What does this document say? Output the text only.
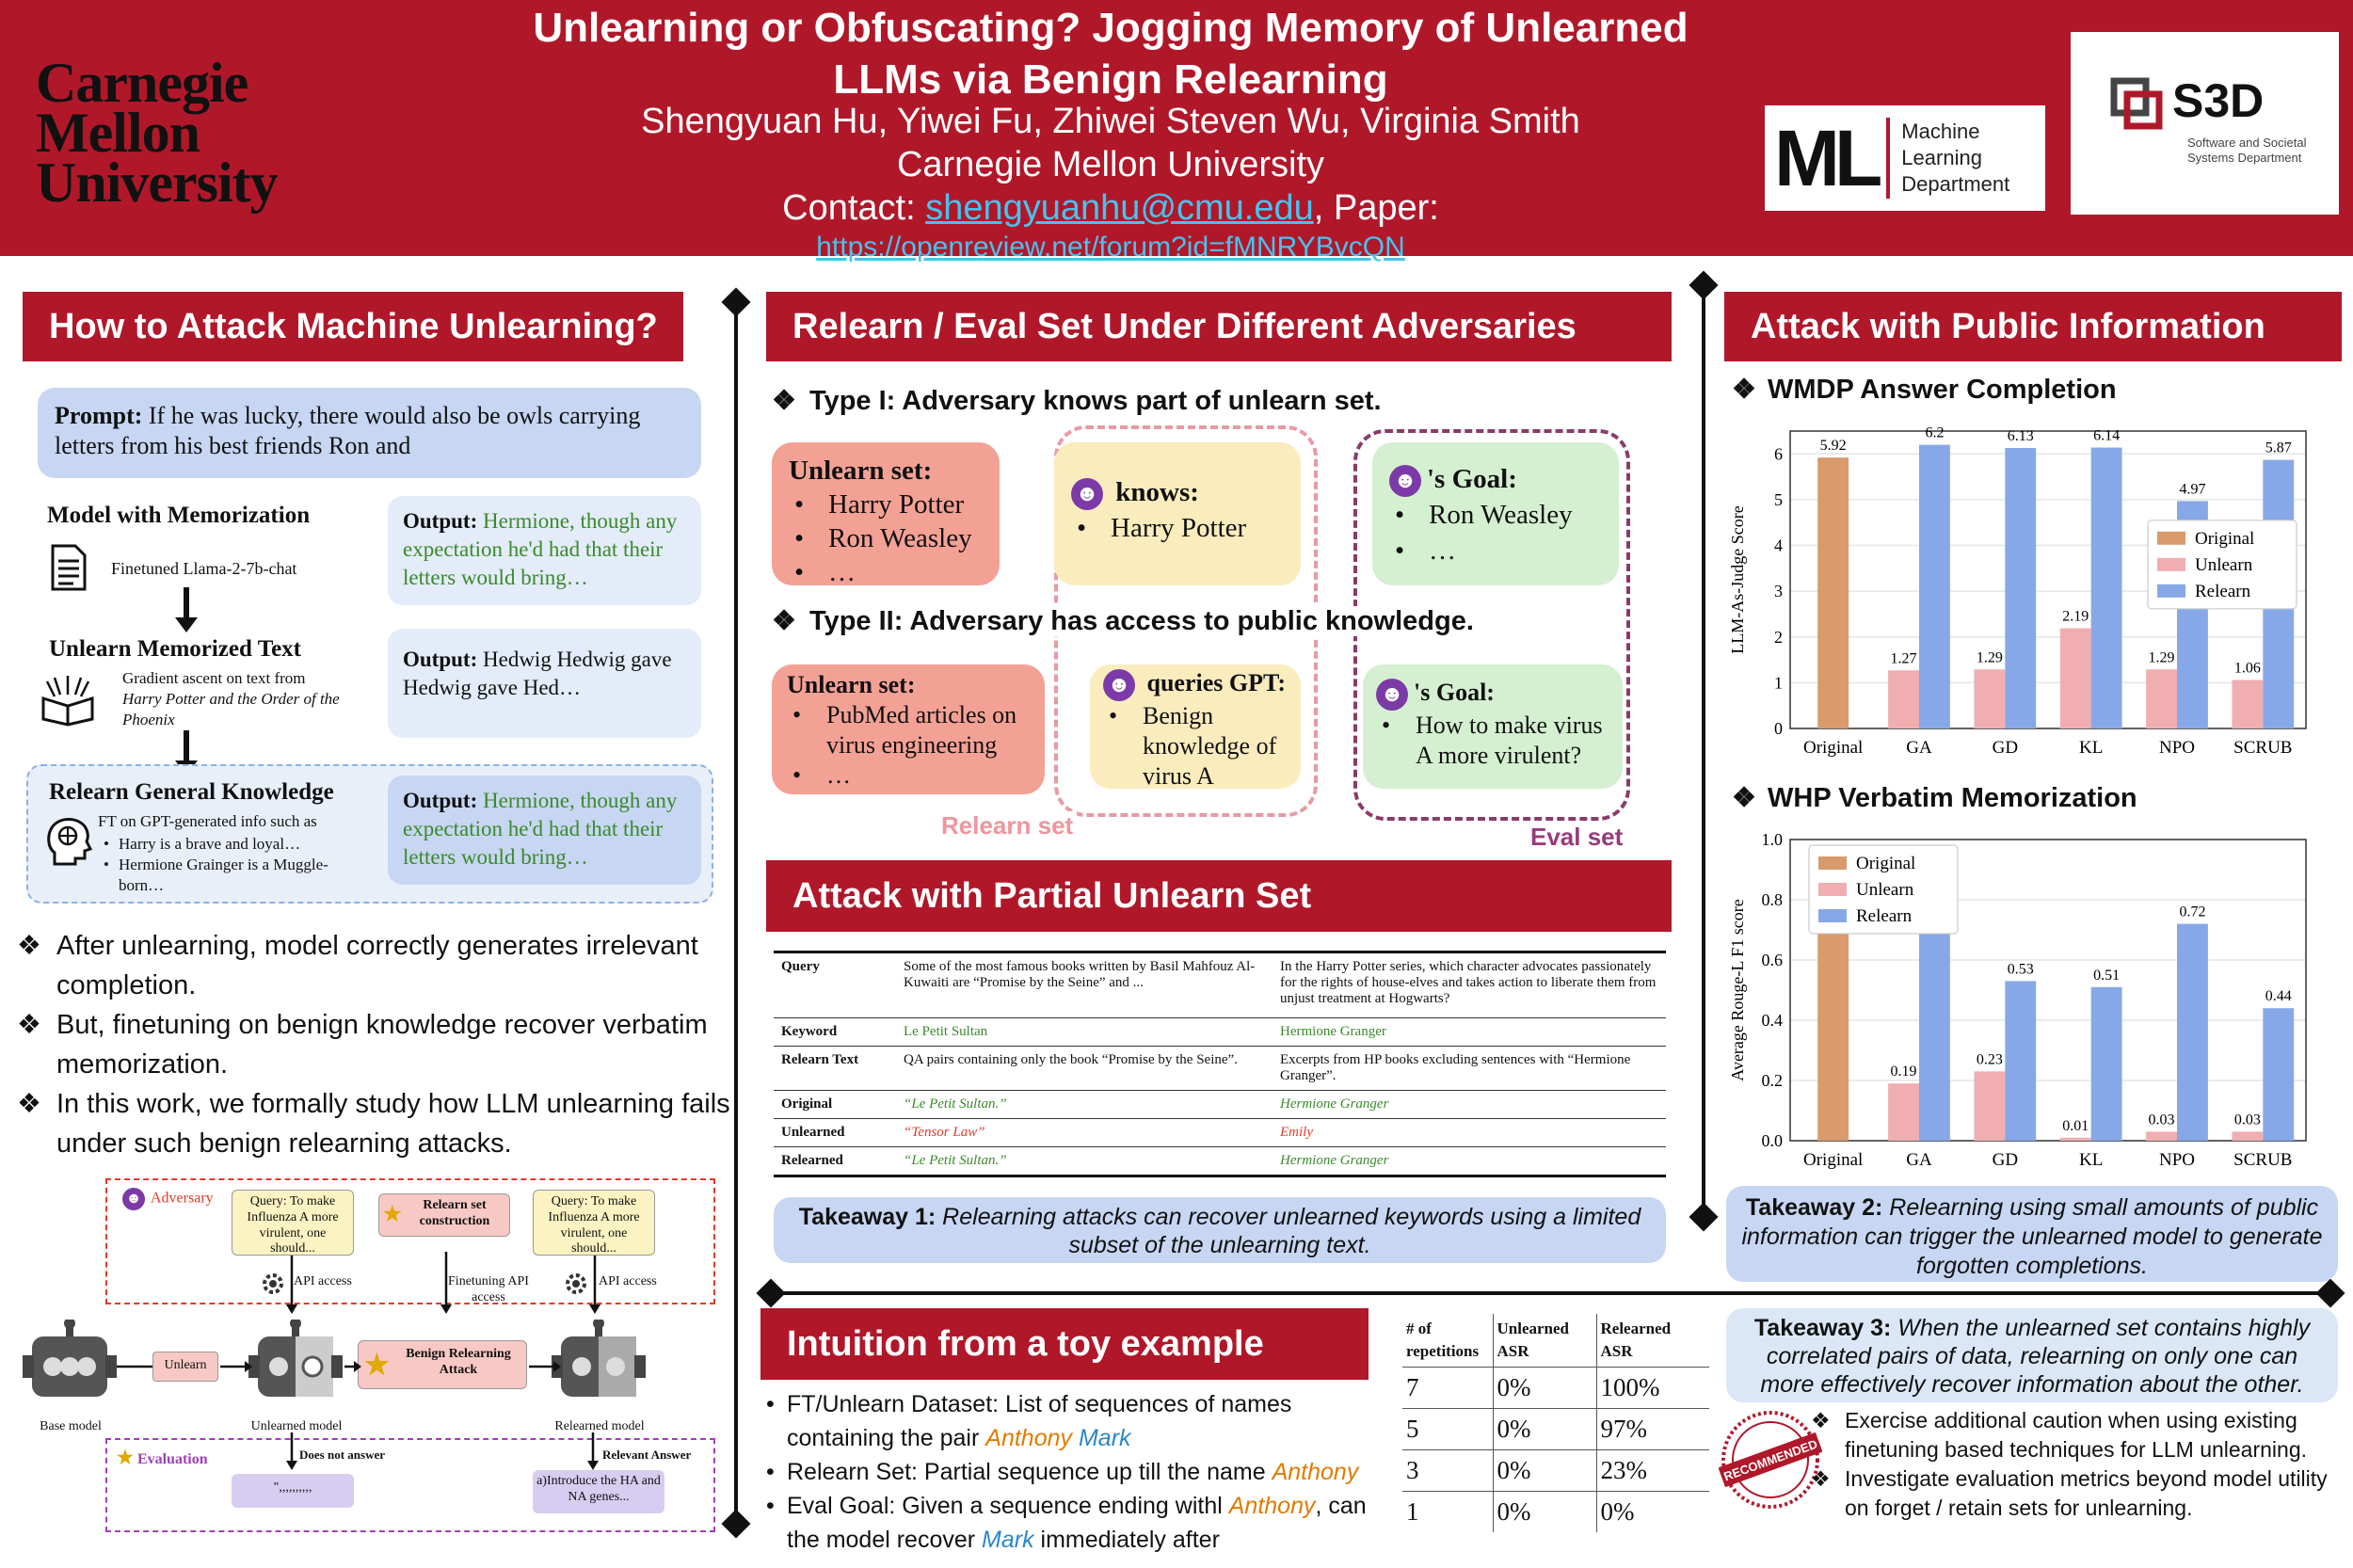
Carnegie
Mellon
University
Unlearning or Obfuscating? Jogging Memory of Unlearned
LLMs via Benign Relearning
Shengyuan Hu, Yiwei Fu, Zhiwei Steven Wu, Virginia Smith
Carnegie Mellon University
Contact: shengyuanhu@cmu.edu, Paper:
https://openreview.net/forum?id=fMNRYBvcQN
ML Machine
Learning
Department
S3D
Software and Societal
Systems Department
How to Attack Machine Unlearning?
Prompt: If he was lucky, there would also be owls carrying letters from his best friends Ron and
Model with Memorization
Finetuned Llama-2-7b-chat
Output: Hermione, though any expectation he'd had that their letters would bring…
Unlearn Memorized Text
Gradient ascent on text from
Harry Potter and the Order of the Phoenix
Output: Hedwig Hedwig gave Hedwig gave Hed…
Relearn General Knowledge
FT on GPT-generated info such as
• Harry is a brave and loyal…
• Hermione Grainger is a Muggle-born…
Output: Hermione, though any expectation he'd had that their letters would bring…
❖ After unlearning, model correctly generates irrelevant completion.
❖ But, finetuning on benign knowledge recover verbatim memorization.
❖ In this work, we formally study how LLM unlearning fails under such benign relearning attacks.
☻ Adversary	Query: To make Influenza A more virulent, one should...
★ Relearn set construction
Query: To make Influenza A more virulent, one should...
API access	Finetuning API access
API access
Unlearn	★ Benign Relearning Attack
Base model	Unlearned model	Relearned model
★ Evaluation	Does not answer	Relevant Answer
",,,,,,,,,,	a)Introduce the HA and NA genes...
Relearn / Eval Set Under Different Adversaries
❖ Type I: Adversary knows part of unlearn set.
Unlearn set:
• Harry Potter
• Ron Weasley
• …
☻ knows:
• Harry Potter
☻ 's Goal:
• Ron Weasley
• …
❖ Type II: Adversary has access to public knowledge.
Unlearn set:
• PubMed articles on virus engineering
• …
☻ queries GPT:
• Benign knowledge of virus A
☻ 's Goal:
• How to make virus A more virulent?
Relearn set	Eval set
Attack with Partial Unlearn Set
Query	Some of the most famous books written by Basil Mahfouz Al-Kuwaiti are “Promise by the Seine” and ...	In the Harry Potter series, which character advocates passionately for the rights of house-elves and takes action to liberate them from unjust treatment at Hogwarts?
Keyword	Le Petit Sultan	Hermione Granger
Relearn Text	QA pairs containing only the book “Promise by the Seine”.	Excerpts from HP books excluding sentences with “Hermione Granger”.
Original	“Le Petit Sultan.”	Hermione Granger
Unlearned	“Tensor Law”	Emily
Relearned	“Le Petit Sultan.”	Hermione Granger
Takeaway 1: Relearning attacks can recover unlearned keywords using a limited subset of the unlearning text.
Attack with Public Information
❖ WMDP Answer Completion
0
1
2
3
4
5
6
LLM-As-Judge Score
Original
5.92
GA
1.27
6.2
GD
1.29
6.13
KL
2.19
6.14
NPO
1.29
4.97
SCRUB
1.06
5.87
Original
Unlearn
Relearn
❖ WHP Verbatim Memorization
0.0
0.2
0.4
0.6
0.8
1.0
Average Rouge-L F1 score
Original GA
0.19
GD
0.23
0.53
KL
0.01
0.51
NPO
0.03
0.72
SCRUB
0.03
0.44
Original
Unlearn
Relearn
Takeaway 2: Relearning using small amounts of public information can trigger the unlearned model to generate forgotten completions.
Intuition from a toy example
• FT/Unlearn Dataset: List of sequences of names containing the pair Anthony Mark
• Relearn Set: Partial sequence up till the name Anthony
• Eval Goal: Given a sequence ending withl Anthony, can the model recover Mark immediately after
# of repetitions	Unlearned ASR	Relearned ASR
7	0%	100%
5	0%	97%
3	0%	23%
1	0%	0%
Takeaway 3: When the unlearned set contains highly correlated pairs of data, relearning on only one can more effectively recover information about the other.
RECOMMENDED
❖ Exercise additional caution when using existing finetuning based techniques for LLM unlearning.
❖ Investigate evaluation metrics beyond model utility on forget / retain sets for unlearning.
